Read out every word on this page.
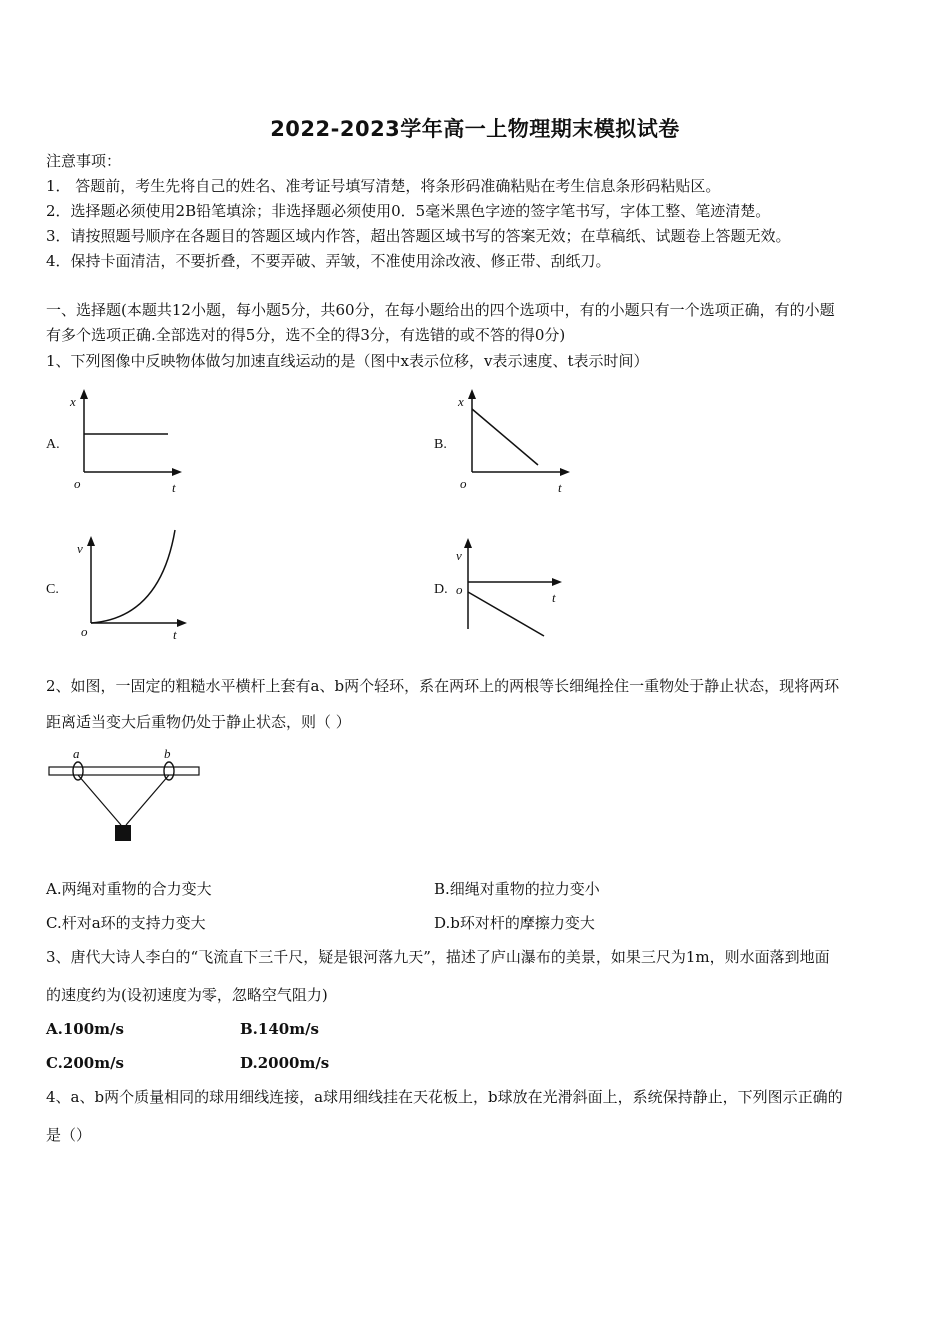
2022-2023学年高一上物理期末模拟试卷
注意事项：
1． 答题前，考生先将自己的姓名、准考证号填写清楚，将条形码准确粘贴在考生信息条形码粘贴区。
2．选择题必须使用2B铅笔填涂；非选择题必须使用0．5毫米黑色字迹的签字笔书写，字体工整、笔迹清楚。
3．请按照题号顺序在各题目的答题区域内作答，超出答题区域书写的答案无效；在草稿纸、试题卷上答题无效。
4．保持卡面清洁，不要折叠，不要弄破、弄皱，不准使用涂改液、修正带、刮纸刀。
一、选择题(本题共12小题，每小题5分，共60分，在每小题给出的四个选项中，有的小题只有一个选项正确，有的小题
有多个选项正确.全部选对的得5分，选不全的得3分，有选错的或不答的得0分)
1、下列图像中反映物体做匀加速直线运动的是（图中x表示位移，v表示速度、t表示时间）
A.
x
t
o
B.
x
t
o
C.
v
t
o
D.
v
t
o
2、如图，一固定的粗糙水平横杆上套有a、b两个轻环，系在两环上的两根等长细绳拴住一重物处于静止状态，现将两环
距离适当变大后重物仍处于静止状态，则（ ）
a	b
A.两绳对重物的合力变大	B.细绳对重物的拉力变小
C.杆对a环的支持力变大	D.b环对杆的摩擦力变大
3、唐代大诗人李白的“飞流直下三千尺，疑是银河落九天”，描述了庐山瀑布的美景，如果三尺为1m，则水面落到地面
的速度约为(设初速度为零，忽略空气阻力)
A.100m/s	B.140m/s
C.200m/s	D.2000m/s
4、a、b两个质量相同的球用细线连接，a球用细线挂在天花板上，b球放在光滑斜面上，系统保持静止，下列图示正确的
是（）
